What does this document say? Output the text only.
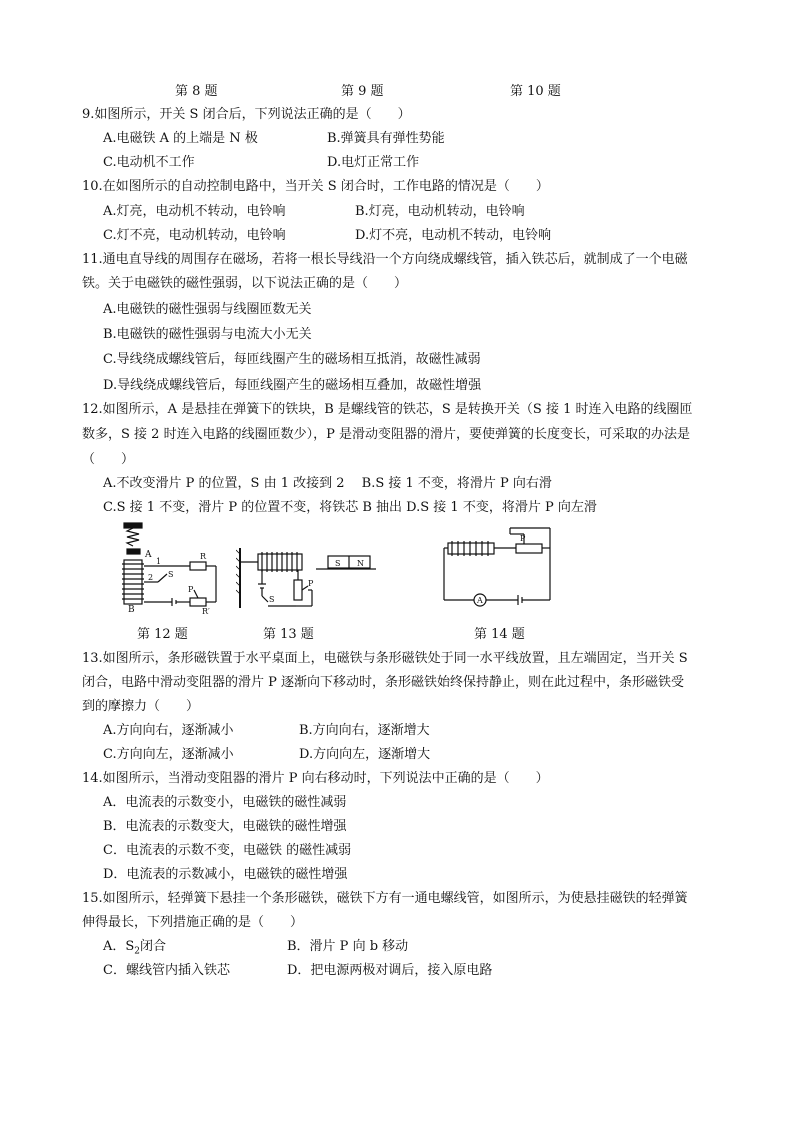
第 8 题	第 9 题	第 10 题
9.如图所示，开关 S 闭合后，下列说法正确的是（　　）
A.电磁铁 A 的上端是 N 极	B.弹簧具有弹性势能
C.电动机不工作	D.电灯正常工作
10.在如图所示的自动控制电路中，当开关 S 闭合时，工作电路的情况是（　　）
A.灯亮，电动机不转动，电铃响	B.灯亮，电动机转动，电铃响
C.灯不亮，电动机转动，电铃响	D.灯不亮，电动机不转动，电铃响
11.通电直导线的周围存在磁场，若将一根长导线沿一个方向绕成螺线管，插入铁芯后，就制成了一个电磁
铁。关于电磁铁的磁性强弱，以下说法正确的是（　　）
A.电磁铁的磁性强弱与线圈匝数无关
B.电磁铁的磁性强弱与电流大小无关
C.导线绕成螺线管后，每匝线圈产生的磁场相互抵消，故磁性减弱
D.导线绕成螺线管后，每匝线圈产生的磁场相互叠加，故磁性增强
12.如图所示，A 是悬挂在弹簧下的铁块，B 是螺线管的铁芯，S 是转换开关（S 接 1 时连入电路的线圈匝
数多，S 接 2 时连入电路的线圈匝数少），P 是滑动变阻器的滑片，要使弹簧的长度变长，可采取的办法是
（　　）
A.不改变滑片 P 的位置，S 由 1 改接到 2　 B.S 接 1 不变，将滑片 P 向右滑
C.S 接 1 不变，滑片 P 的位置不变，将铁芯 B 抽出 D.S 接 1 不变，将滑片 P 向左滑
A
B
1
2 S
R
P
R′
S
P
S N
P
A
第 12 题	第 13 题	第 14 题
13.如图所示，条形磁铁置于水平桌面上，电磁铁与条形磁铁处于同一水平线放置，且左端固定，当开关 S
闭合，电路中滑动变阻器的滑片 P 逐渐向下移动时，条形磁铁始终保持静止，则在此过程中，条形磁铁受
到的摩擦力（　　）
A.方向向右，逐渐减小	B.方向向右，逐渐增大
C.方向向左，逐渐减小	D.方向向左，逐渐增大
14.如图所示，当滑动变阻器的滑片 P 向右移动时，下列说法中正确的是（　　）
A．电流表的示数变小，电磁铁的磁性减弱
B．电流表的示数变大，电磁铁的磁性增强
C．电流表的示数不变，电磁铁 的磁性减弱
D．电流表的示数减小，电磁铁的磁性增强
15.如图所示，轻弹簧下悬挂一个条形磁铁，磁铁下方有一通电螺线管，如图所示，为使悬挂磁铁的轻弹簧
伸得最长，下列措施正确的是（　　）
A．$S_2$闭合	B．滑片 P 向 b 移动
C．螺线管内插入铁芯	D．把电源两极对调后，接入原电路
